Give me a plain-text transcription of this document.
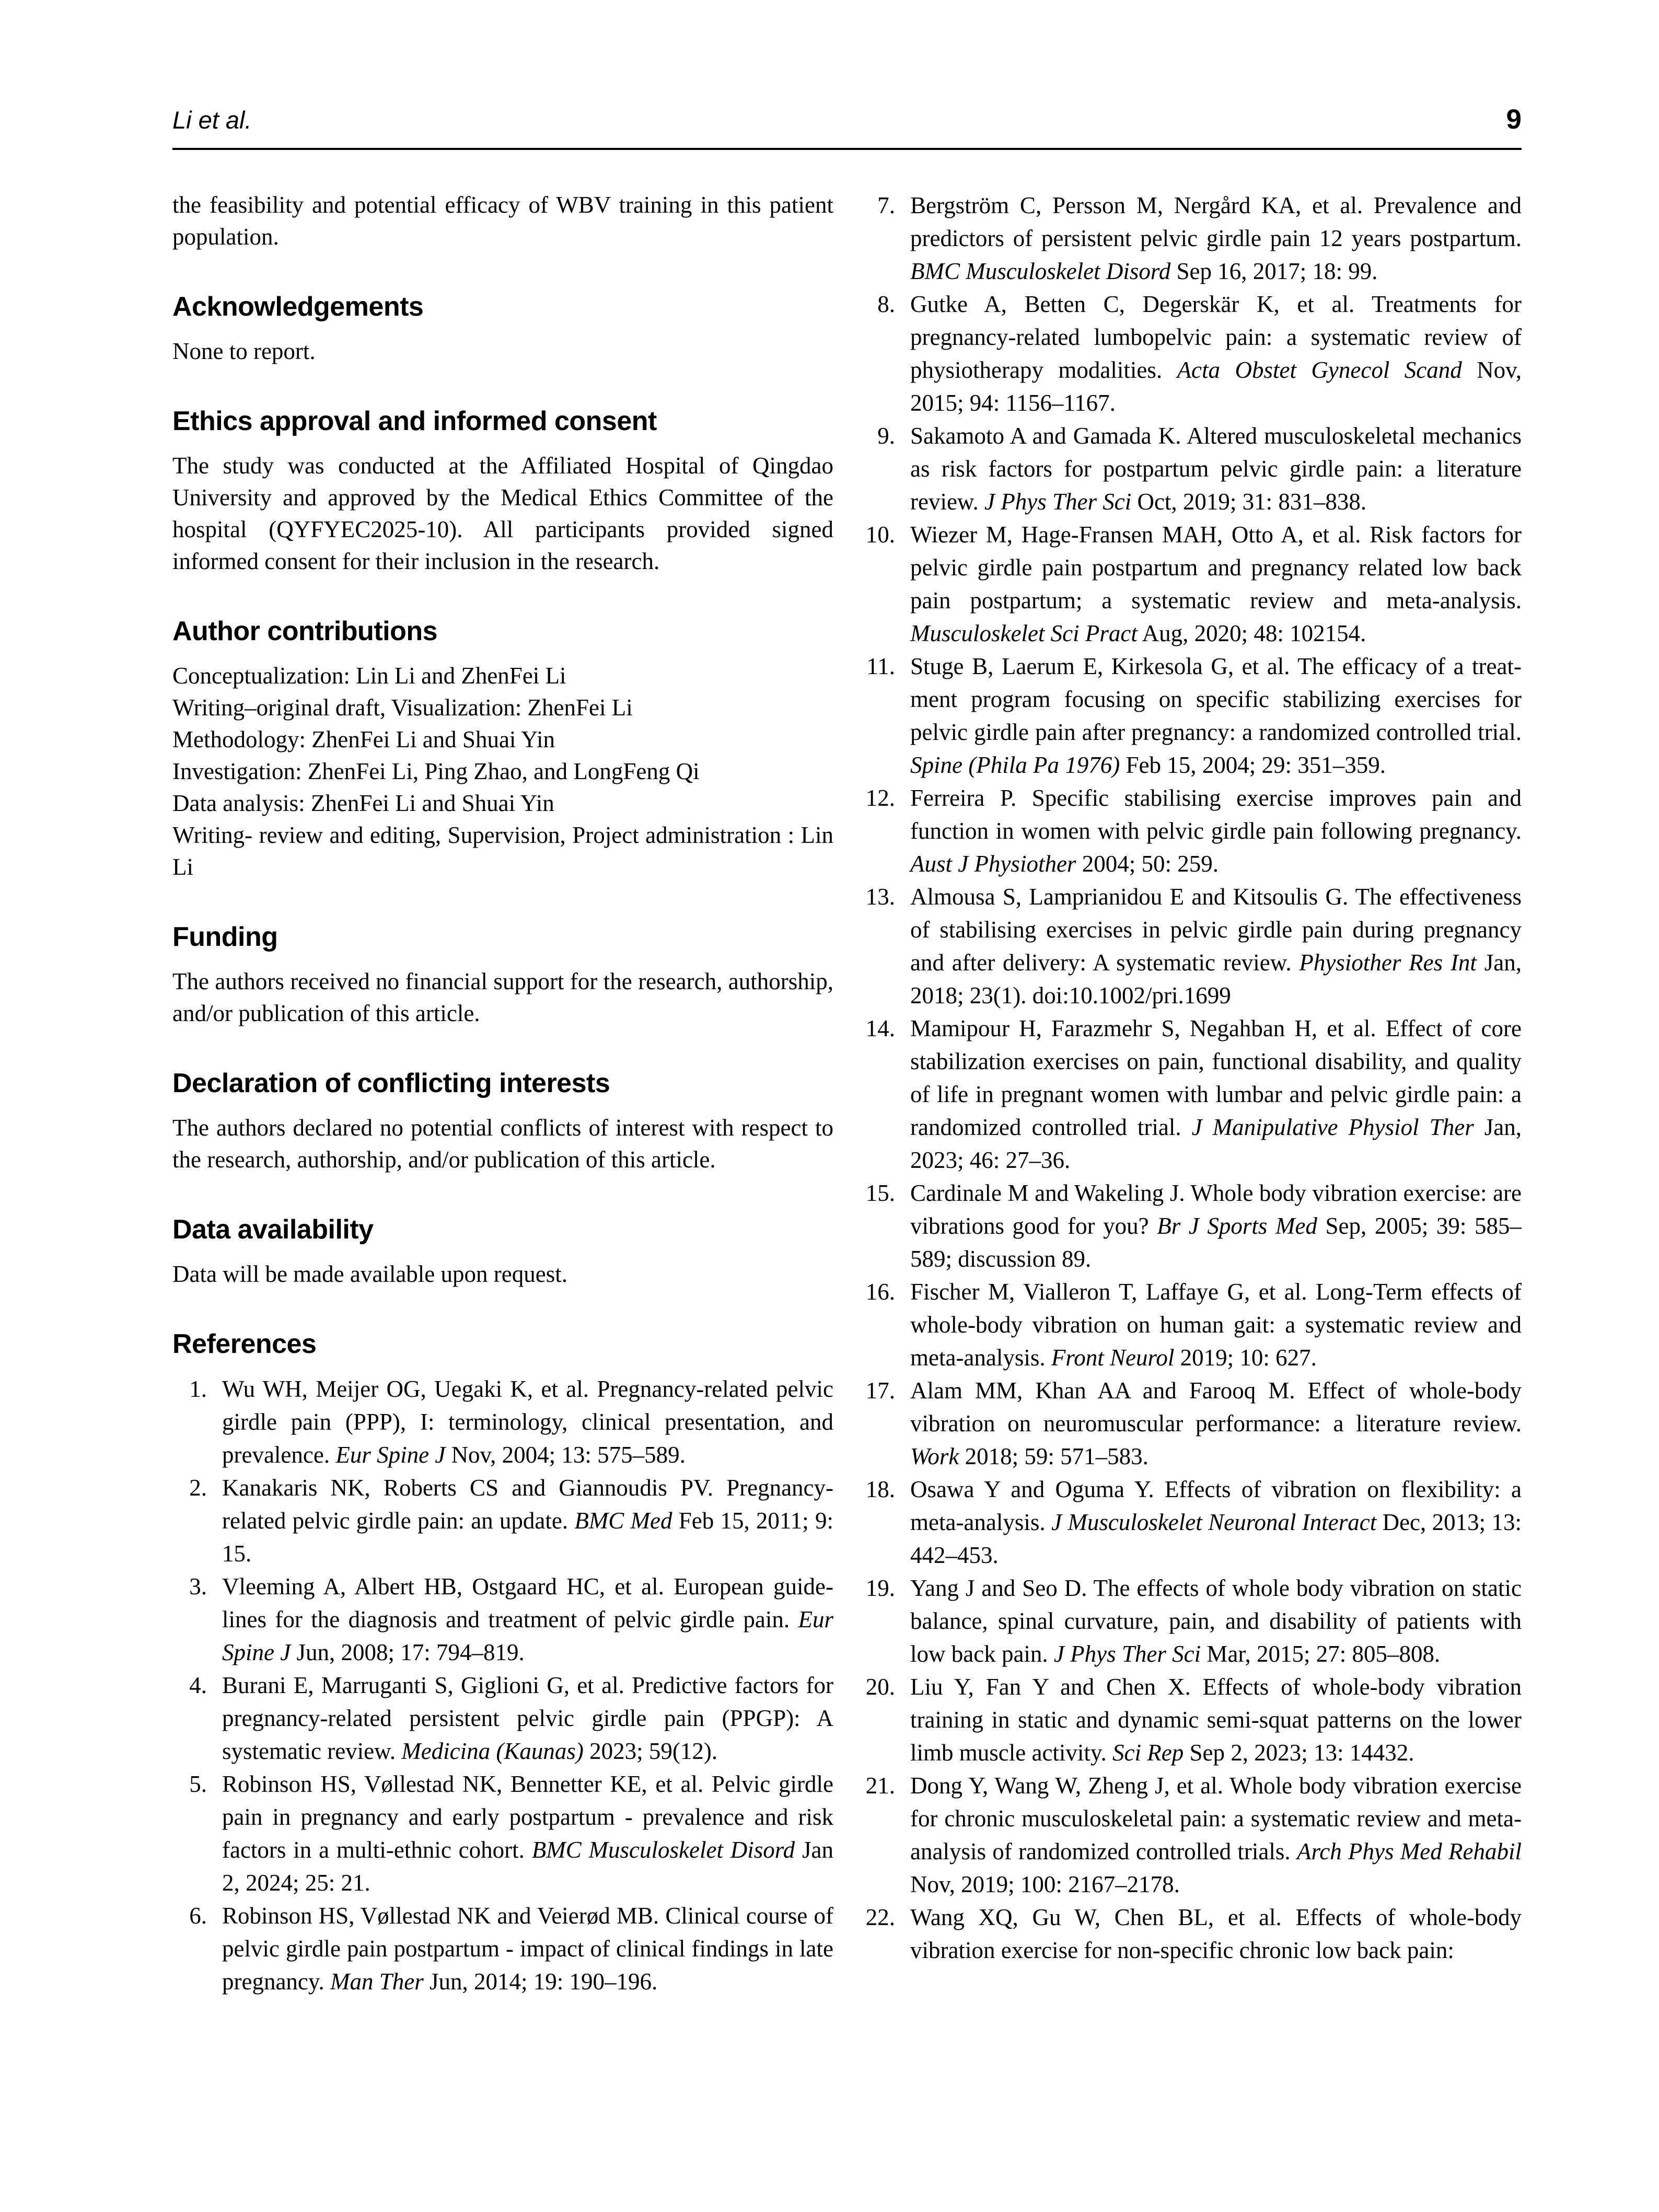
Li et al.	9

the feasibility and potential efficacy of WBV training in this patient population.

Acknowledgements

None to report.

Ethics approval and informed consent

The study was conducted at the Affiliated Hospital of Qingdao University and approved by the Medical Ethics Committee of the hospital (QYFYEC2025-10). All participants provided signed informed consent for their inclusion in the research.

Author contributions

Conceptualization: Lin Li and ZhenFei Li

Writing–original draft, Visualization: ZhenFei Li

Methodology: ZhenFei Li and Shuai Yin

Investigation: ZhenFei Li, Ping Zhao, and LongFeng Qi

Data analysis: ZhenFei Li and Shuai Yin

Writing- review and editing, Supervision, Project administration : Lin Li

Funding

The authors received no financial support for the research, authorship, and/or publication of this article.

Declaration of conflicting interests

The authors declared no potential conflicts of interest with respect to the research, authorship, and/or publication of this article.

Data availability

Data will be made available upon request.

References
1. Wu WH, Meijer OG, Uegaki K, et al. Pregnancy-related pelvic girdle pain (PPP), I: terminology, clinical presentation, and prevalence. Eur Spine J Nov, 2004; 13: 575–589.
2. Kanakaris NK, Roberts CS and Giannoudis PV. Pregnancy-related pelvic girdle pain: an update. BMC Med Feb 15, 2011; 9: 15.
3. Vleeming A, Albert HB, Ostgaard HC, et al. European guidelines for the diagnosis and treatment of pelvic girdle pain. Eur Spine J Jun, 2008; 17: 794–819.
4. Burani E, Marruganti S, Giglioni G, et al. Predictive factors for pregnancy-related persistent pelvic girdle pain (PPGP): A systematic review. Medicina (Kaunas) 2023; 59(12).
5. Robinson HS, Vøllestad NK, Bennetter KE, et al. Pelvic girdle pain in pregnancy and early postpartum - prevalence and risk factors in a multi-ethnic cohort. BMC Musculoskelet Disord Jan 2, 2024; 25: 21.
6. Robinson HS, Vøllestad NK and Veierød MB. Clinical course of pelvic girdle pain postpartum - impact of clinical findings in late pregnancy. Man Ther Jun, 2014; 19: 190–196.
7. Bergström C, Persson M, Nergård KA, et al. Prevalence and predictors of persistent pelvic girdle pain 12 years postpartum. BMC Musculoskelet Disord Sep 16, 2017; 18: 99.
8. Gutke A, Betten C, Degerskär K, et al. Treatments for pregnancy-related lumbopelvic pain: a systematic review of physiotherapy modalities. Acta Obstet Gynecol Scand Nov, 2015; 94: 1156–1167.
9. Sakamoto A and Gamada K. Altered musculoskeletal mechanics as risk factors for postpartum pelvic girdle pain: a literature review. J Phys Ther Sci Oct, 2019; 31: 831–838.
10. Wiezer M, Hage-Fransen MAH, Otto A, et al. Risk factors for pelvic girdle pain postpartum and pregnancy related low back pain postpartum; a systematic review and meta-analysis. Musculoskelet Sci Pract Aug, 2020; 48: 102154.
11. Stuge B, Laerum E, Kirkesola G, et al. The efficacy of a treatment program focusing on specific stabilizing exercises for pelvic girdle pain after pregnancy: a randomized controlled trial. Spine (Phila Pa 1976) Feb 15, 2004; 29: 351–359.
12. Ferreira P. Specific stabilising exercise improves pain and function in women with pelvic girdle pain following pregnancy. Aust J Physiother 2004; 50: 259.
13. Almousa S, Lamprianidou E and Kitsoulis G. The effectiveness of stabilising exercises in pelvic girdle pain during pregnancy and after delivery: A systematic review. Physiother Res Int Jan, 2018; 23(1). doi:10.1002/pri.1699
14. Mamipour H, Farazmehr S, Negahban H, et al. Effect of core stabilization exercises on pain, functional disability, and quality of life in pregnant women with lumbar and pelvic girdle pain: a randomized controlled trial. J Manipulative Physiol Ther Jan, 2023; 46: 27–36.
15. Cardinale M and Wakeling J. Whole body vibration exercise: are vibrations good for you? Br J Sports Med Sep, 2005; 39: 585–589; discussion 89.
16. Fischer M, Vialleron T, Laffaye G, et al. Long-Term effects of whole-body vibration on human gait: a systematic review and meta-analysis. Front Neurol 2019; 10: 627.
17. Alam MM, Khan AA and Farooq M. Effect of whole-body vibration on neuromuscular performance: a literature review. Work 2018; 59: 571–583.
18. Osawa Y and Oguma Y. Effects of vibration on flexibility: a meta-analysis. J Musculoskelet Neuronal Interact Dec, 2013; 13: 442–453.
19. Yang J and Seo D. The effects of whole body vibration on static balance, spinal curvature, pain, and disability of patients with low back pain. J Phys Ther Sci Mar, 2015; 27: 805–808.
20. Liu Y, Fan Y and Chen X. Effects of whole-body vibration training in static and dynamic semi-squat patterns on the lower limb muscle activity. Sci Rep Sep 2, 2023; 13: 14432.
21. Dong Y, Wang W, Zheng J, et al. Whole body vibration exercise for chronic musculoskeletal pain: a systematic review and meta-analysis of randomized controlled trials. Arch Phys Med Rehabil Nov, 2019; 100: 2167–2178.
22. Wang XQ, Gu W, Chen BL, et al. Effects of whole-body vibration exercise for non-specific chronic low back pain:
